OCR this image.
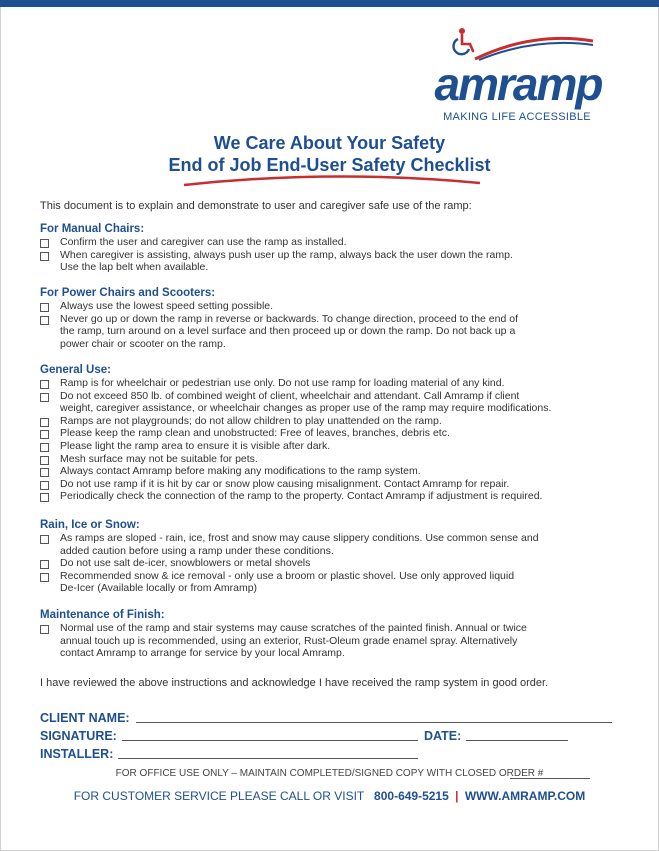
amramp
MAKING LIFE ACCESSIBLE
We Care About Your Safety
End of Job End-User Safety Checklist
This document is to explain and demonstrate to user and caregiver safe use of the ramp:
For Manual Chairs:
Confirm the user and caregiver can use the ramp as installed.
When caregiver is assisting, always push user up the ramp, always back the user down the ramp.
Use the lap belt when available.
For Power Chairs and Scooters:
Always use the lowest speed setting possible.
Never go up or down the ramp in reverse or backwards. To change direction, proceed to the end of
the ramp, turn around on a level surface and then proceed up or down the ramp. Do not back up a
power chair or scooter on the ramp.
General Use:
Ramp is for wheelchair or pedestrian use only. Do not use ramp for loading material of any kind.
Do not exceed 850 lb. of combined weight of client, wheelchair and attendant. Call Amramp if client
weight, caregiver assistance, or wheelchair changes as proper use of the ramp may require modifications.
Ramps are not playgrounds; do not allow children to play unattended on the ramp.
Please keep the ramp clean and unobstructed: Free of leaves, branches, debris etc.
Please light the ramp area to ensure it is visible after dark.
Mesh surface may not be suitable for pets.
Always contact Amramp before making any modifications to the ramp system.
Do not use ramp if it is hit by car or snow plow causing misalignment. Contact Amramp for repair.
Periodically check the connection of the ramp to the property. Contact Amramp if adjustment is required.
Rain, Ice or Snow:
As ramps are sloped - rain, ice, frost and snow may cause slippery conditions. Use common sense and
added caution before using a ramp under these conditions.
Do not use salt de-icer, snowblowers or metal shovels
Recommended snow & ice removal - only use a broom or plastic shovel. Use only approved liquid
De-Icer (Available locally or from Amramp)
Maintenance of Finish:
Normal use of the ramp and stair systems may cause scratches of the painted finish. Annual or twice
annual touch up is recommended, using an exterior, Rust-Oleum grade enamel spray. Alternatively
contact Amramp to arrange for service by your local Amramp.
I have reviewed the above instructions and acknowledge I have received the ramp system in good order.
CLIENT NAME:
SIGNATURE:	DATE:
INSTALLER:
FOR OFFICE USE ONLY – MAINTAIN COMPLETED/SIGNED COPY WITH CLOSED ORDER #
FOR CUSTOMER SERVICE PLEASE CALL OR VISIT 800-649-5215 | WWW.AMRAMP.COM
